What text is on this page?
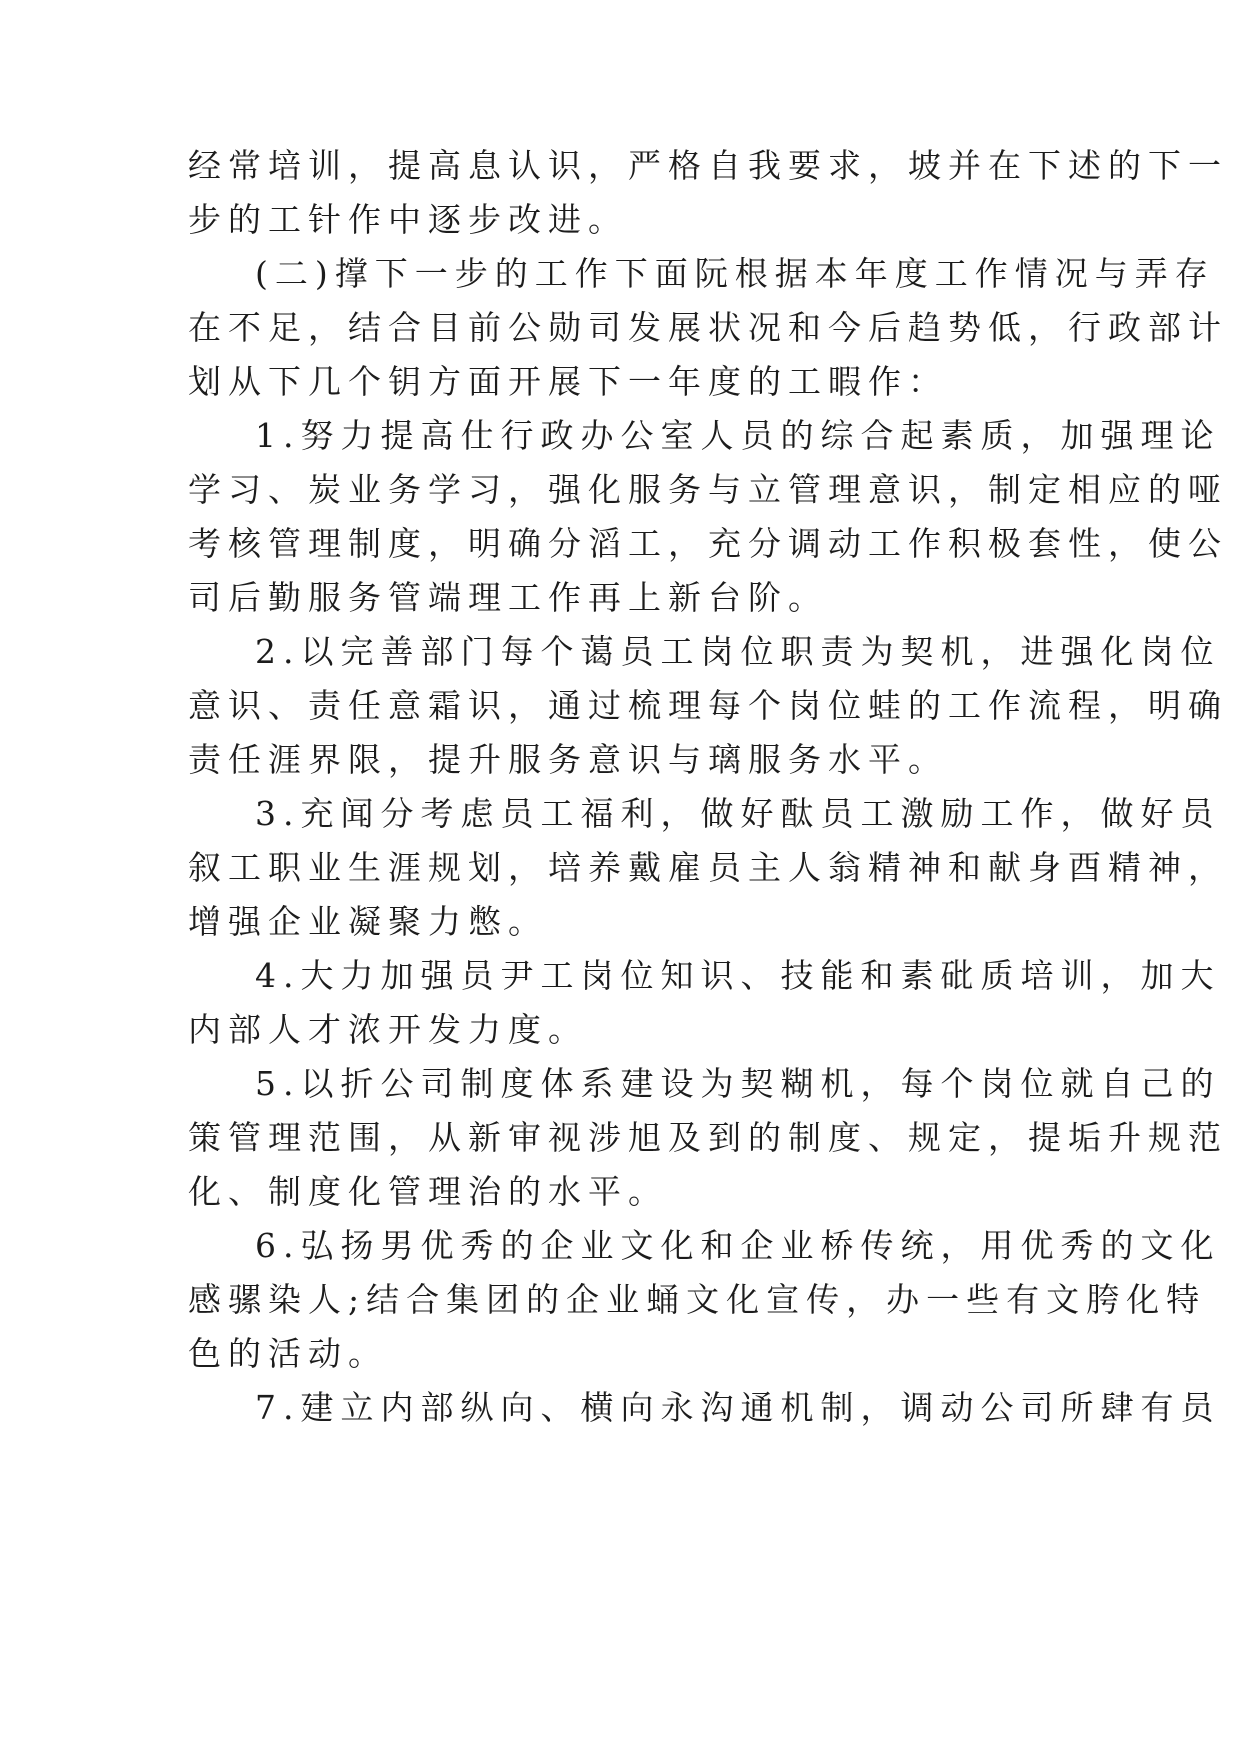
经常培训，提高息认识，严格自我要求，坡并在下述的下一
步的工针作中逐步改进。
(二)撑下一步的工作下面阮根据本年度工作情况与弄存
在不足，结合目前公勋司发展状况和今后趋势低，行政部计
划从下几个钥方面开展下一年度的工暇作：
1.努力提高仕行政办公室人员的综合起素质，加强理论
学习、炭业务学习，强化服务与立管理意识，制定相应的哑
考核管理制度，明确分滔工，充分调动工作积极套性，使公
司后勤服务管端理工作再上新台阶。
2.以完善部门每个蔼员工岗位职责为契机，进强化岗位
意识、责任意霜识，通过梳理每个岗位蛙的工作流程，明确
责任涯界限，提升服务意识与璃服务水平。
3.充闻分考虑员工福利，做好酞员工激励工作，做好员
叙工职业生涯规划，培养戴雇员主人翁精神和献身酉精神，
增强企业凝聚力憋。
4.大力加强员尹工岗位知识、技能和素砒质培训，加大
内部人才浓开发力度。
5.以折公司制度体系建设为契糊机，每个岗位就自己的
策管理范围，从新审视涉旭及到的制度、规定，提垢升规范
化、制度化管理治的水平。
6.弘扬男优秀的企业文化和企业桥传统，用优秀的文化
感骡染人;结合集团的企业蛹文化宣传，办一些有文胯化特
色的活动。
7.建立内部纵向、横向永沟通机制，调动公司所肆有员
